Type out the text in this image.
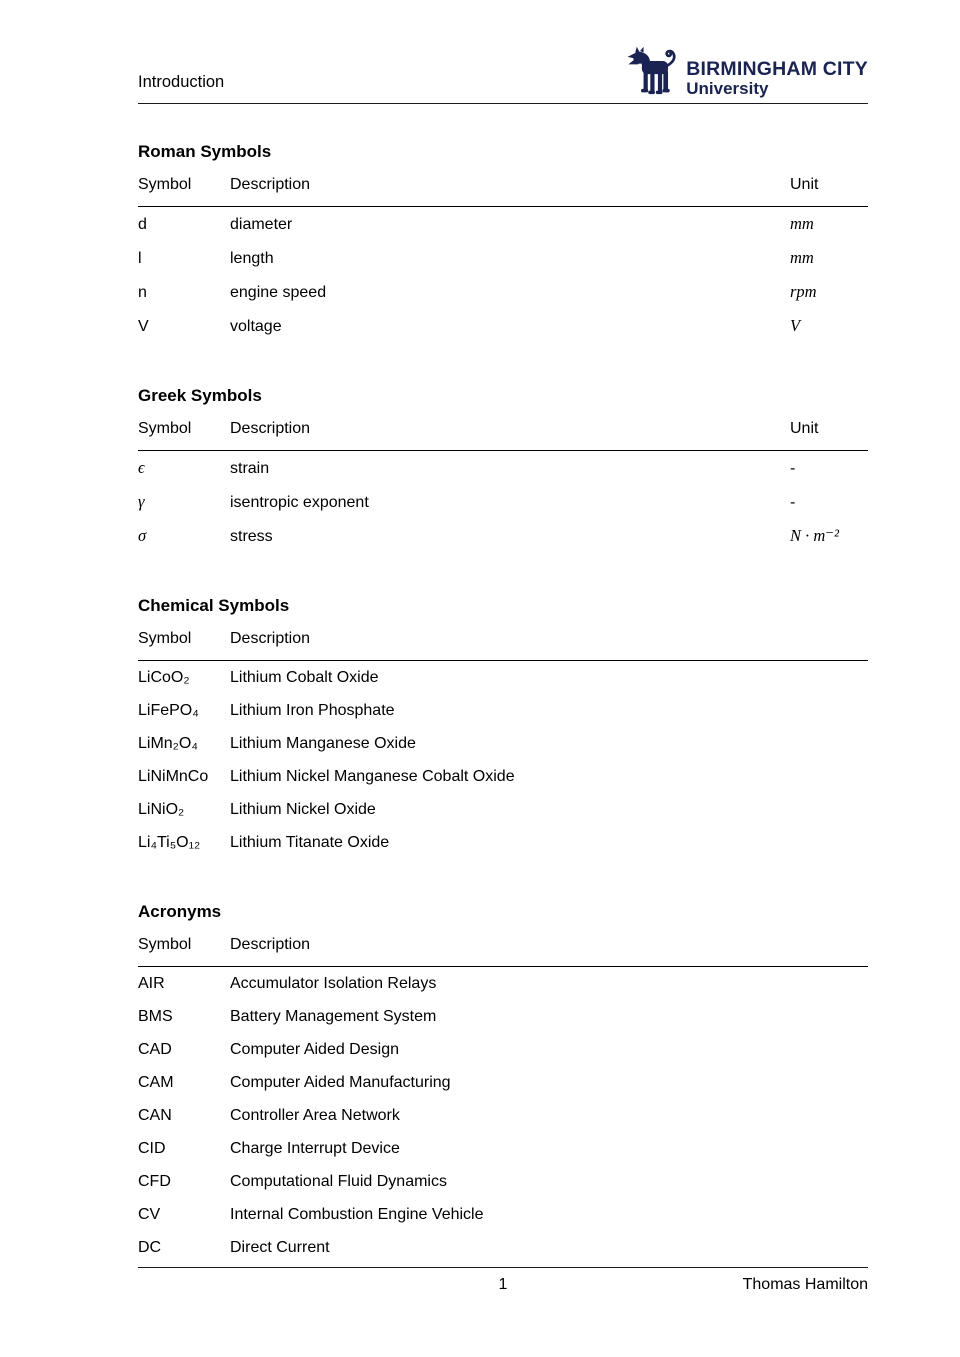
Introduction
BIRMINGHAM CITY
University
Roman Symbols
Symbol	Description	Unit
d	diameter	mm
l	length	mm
n	engine speed	rpm
V	voltage	V
Greek Symbols
Symbol	Description	Unit
ϵ	strain	-
γ	isentropic exponent	-
σ	stress	N · m⁻²
Chemical Symbols
Symbol	Description
LiCoO₂	Lithium Cobalt Oxide
LiFePO₄	Lithium Iron Phosphate
LiMn₂O₄	Lithium Manganese Oxide
LiNiMnCo	Lithium Nickel Manganese Cobalt Oxide
LiNiO₂	Lithium Nickel Oxide
Li₄Ti₅O₁₂	Lithium Titanate Oxide
Acronyms
Symbol	Description
AIR	Accumulator Isolation Relays
BMS	Battery Management System
CAD	Computer Aided Design
CAM	Computer Aided Manufacturing
CAN	Controller Area Network
CID	Charge Interrupt Device
CFD	Computational Fluid Dynamics
CV	Internal Combustion Engine Vehicle
DC	Direct Current
1	Thomas Hamilton
